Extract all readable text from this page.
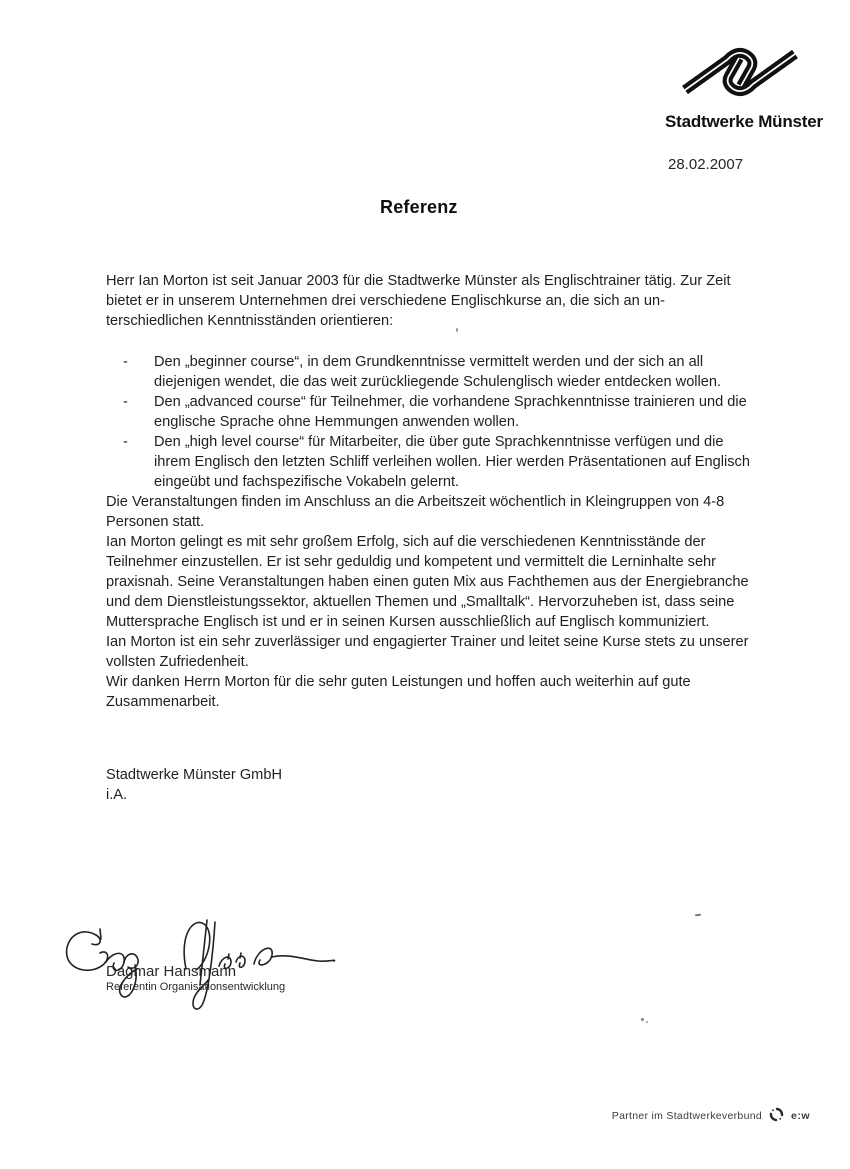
Stadtwerke Münster
28.02.2007
Referenz

Herr Ian Morton ist seit Januar 2003 für die Stadtwerke Münster als Englischtrainer tätig. Zur Zeit bietet er in unserem Unternehmen drei verschiedene Englischkurse an, die sich an unterschiedlichen Kenntnisständen orientieren:

- Den „beginner course“, in dem Grundkenntnisse vermittelt werden und der sich an all diejenigen wendet, die das weit zurückliegende Schulenglisch wieder entdecken wollen.
- Den „advanced course“ für Teilnehmer, die vorhandene Sprachkenntnisse trainieren und die englische Sprache ohne Hemmungen anwenden wollen.
- Den „high level course“ für Mitarbeiter, die über gute Sprachkenntnisse verfügen und die ihrem Englisch den letzten Schliff verleihen wollen. Hier werden Präsentationen auf Englisch eingeübt und fachspezifische Vokabeln gelernt.

Die Veranstaltungen finden im Anschluss an die Arbeitszeit wöchentlich in Kleingruppen von 4-8 Personen statt.

Ian Morton gelingt es mit sehr großem Erfolg, sich auf die verschiedenen Kenntnisstände der Teilnehmer einzustellen. Er ist sehr geduldig und kompetent und vermittelt die Lerninhalte sehr praxisnah. Seine Veranstaltungen haben einen guten Mix aus Fachthemen aus der Energiebranche und dem Dienstleistungssektor, aktuellen Themen und „Smalltalk“. Hervorzuheben ist, dass seine Muttersprache Englisch ist und er in seinen Kursen ausschließlich auf Englisch kommuniziert.

Ian Morton ist ein sehr zuverlässiger und engagierter Trainer und leitet seine Kurse stets zu unserer vollsten Zufriedenheit.

Wir danken Herrn Morton für die sehr guten Leistungen und hoffen auch weiterhin auf gute Zusammenarbeit.

Stadtwerke Münster GmbH
i.A.
Dagmar Hansmann
Referentin Organisationsentwicklung
Partner im Stadtwerkeverbund	e:w
